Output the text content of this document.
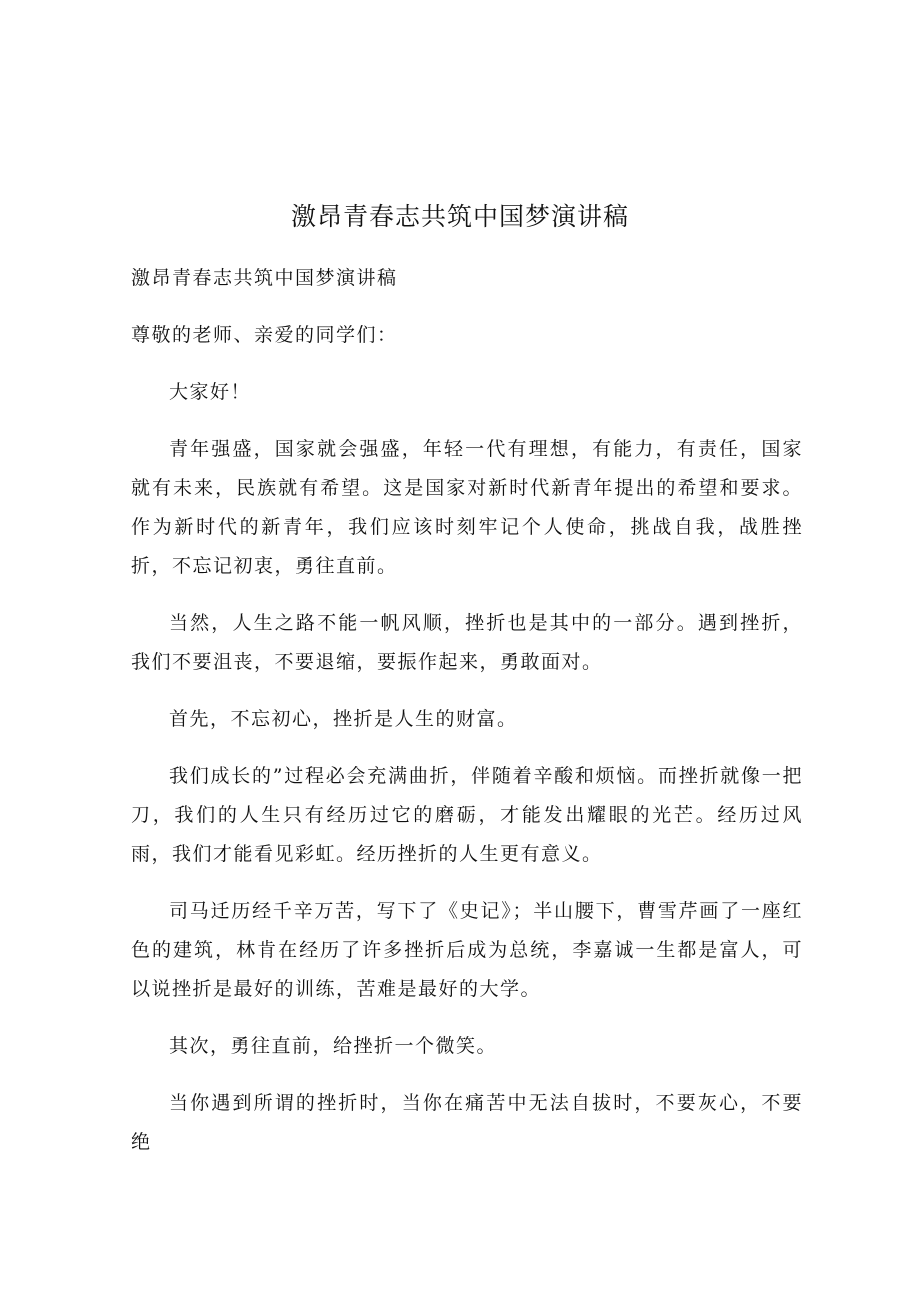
激昂青春志共筑中国梦演讲稿

激昂青春志共筑中国梦演讲稿

尊敬的老师、亲爱的同学们：

大家好！

青年强盛，国家就会强盛，年轻一代有理想，有能力，有责任，国家就有未来，民族就有希望。这是国家对新时代新青年提出的希望和要求。作为新时代的新青年，我们应该时刻牢记个人使命，挑战自我，战胜挫折，不忘记初衷，勇往直前。

当然，人生之路不能一帆风顺，挫折也是其中的一部分。遇到挫折，我们不要沮丧，不要退缩，要振作起来，勇敢面对。

首先，不忘初心，挫折是人生的财富。

我们成长的”过程必会充满曲折，伴随着辛酸和烦恼。而挫折就像一把刀，我们的人生只有经历过它的磨砺，才能发出耀眼的光芒。经历过风雨，我们才能看见彩虹。经历挫折的人生更有意义。

司马迁历经千辛万苦，写下了《史记》；半山腰下，曹雪芹画了一座红色的建筑，林肯在经历了许多挫折后成为总统，李嘉诚一生都是富人，可以说挫折是最好的训练，苦难是最好的大学。

其次，勇往直前，给挫折一个微笑。

当你遇到所谓的挫折时，当你在痛苦中无法自拔时，不要灰心，不要绝
